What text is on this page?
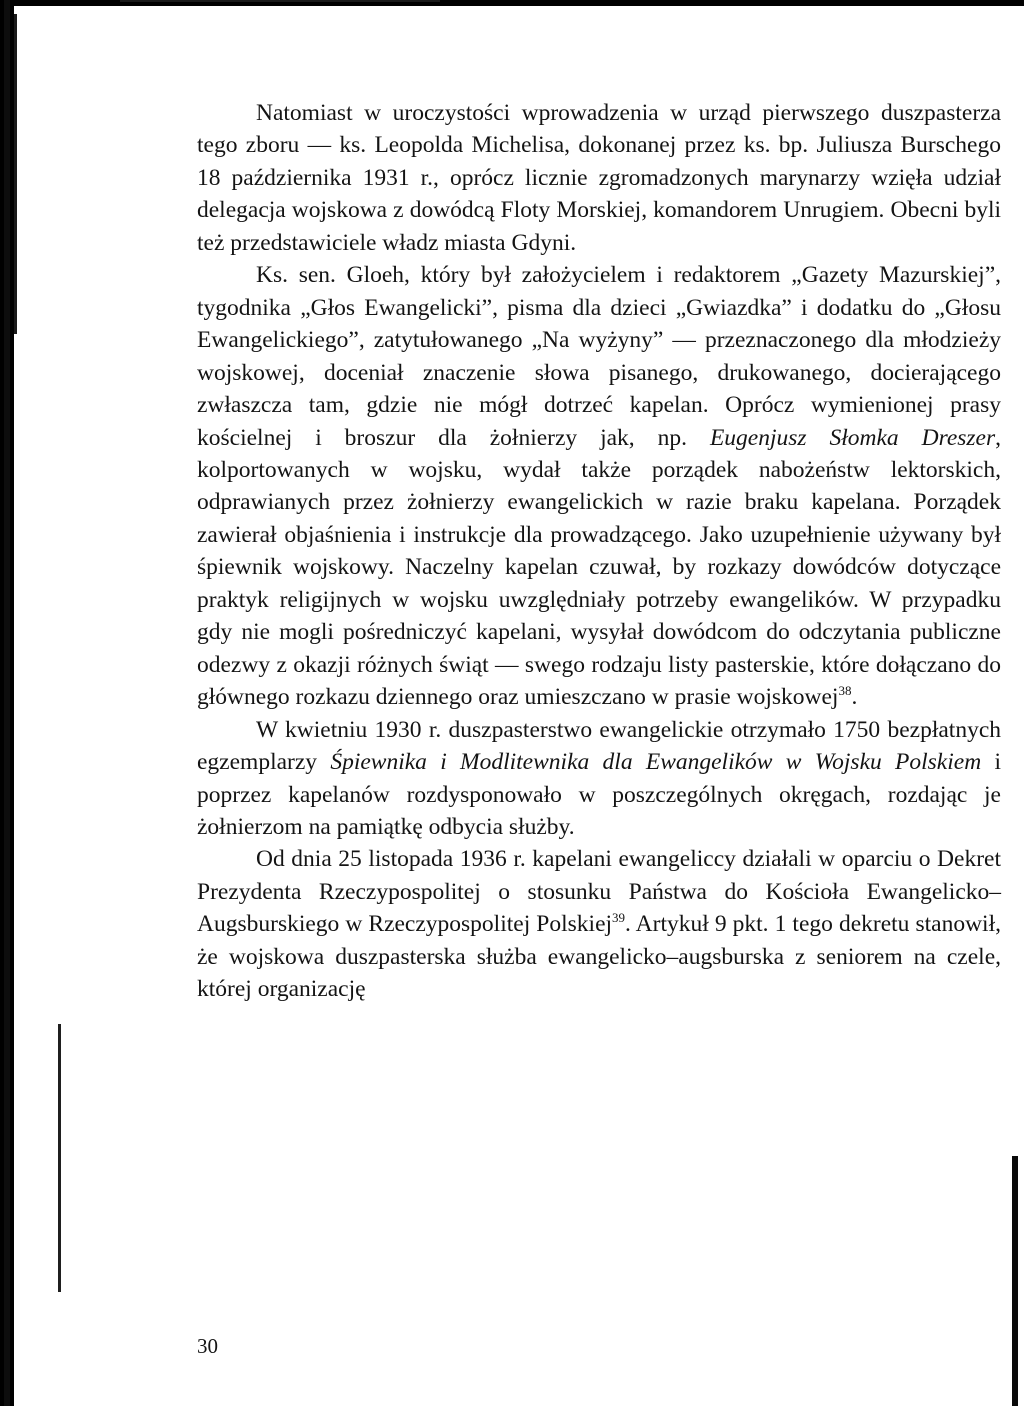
Natomiast w uroczystości wprowadzenia w urząd pierwszego duszpasterza tego zboru — ks. Leopolda Michelisa, dokonanej przez ks. bp. Juliusza Burschego 18 października 1931 r., oprócz licznie zgromadzonych marynarzy wzięła udział delegacja wojskowa z dowódcą Floty Morskiej, komandorem Unrugiem. Obecni byli też przedstawiciele władz miasta Gdyni.

Ks. sen. Gloeh, który był założycielem i redaktorem „Gazety Mazurskiej”, tygodnika „Głos Ewangelicki”, pisma dla dzieci „Gwiazdka” i dodatku do „Głosu Ewangelickiego”, zatytułowanego „Na wyżyny” — przeznaczonego dla młodzieży wojskowej, doceniał znaczenie słowa pisanego, drukowanego, docierającego zwłaszcza tam, gdzie nie mógł dotrzeć kapelan. Oprócz wymienionej prasy kościelnej i broszur dla żołnierzy jak, np. Eugenjusz Słomka Dreszer, kolportowanych w wojsku, wydał także porządek nabożeństw lektorskich, odprawianych przez żołnierzy ewangelickich w razie braku kapelana. Porządek zawierał objaśnienia i instrukcje dla prowadzącego. Jako uzupełnienie używany był śpiewnik wojskowy. Naczelny kapelan czuwał, by rozkazy dowódców dotyczące praktyk religijnych w wojsku uwzględniały potrzeby ewangelików. W przypadku gdy nie mogli pośredniczyć kapelani, wysyłał dowódcom do odczytania publiczne odezwy z okazji różnych świąt — swego rodzaju listy pasterskie, które dołączano do głównego rozkazu dziennego oraz umieszczano w prasie wojskowej$^{38}$.

W kwietniu 1930 r. duszpasterstwo ewangelickie otrzymało 1750 bezpłatnych egzemplarzy Śpiewnika i Modlitewnika dla Ewangelików w Wojsku Polskiem i poprzez kapelanów rozdysponowało w poszczególnych okręgach, rozdając je żołnierzom na pamiątkę odbycia służby.

Od dnia 25 listopada 1936 r. kapelani ewangeliccy działali w oparciu o Dekret Prezydenta Rzeczypospolitej o stosunku Państwa do Kościoła Ewangelicko–Augsburskiego w Rzeczypospolitej Polskiej$^{39}$. Artykuł 9 pkt. 1 tego dekretu stanowił, że wojskowa duszpasterska służba ewangelicko–augsburska z seniorem na czele, której organizację

30
